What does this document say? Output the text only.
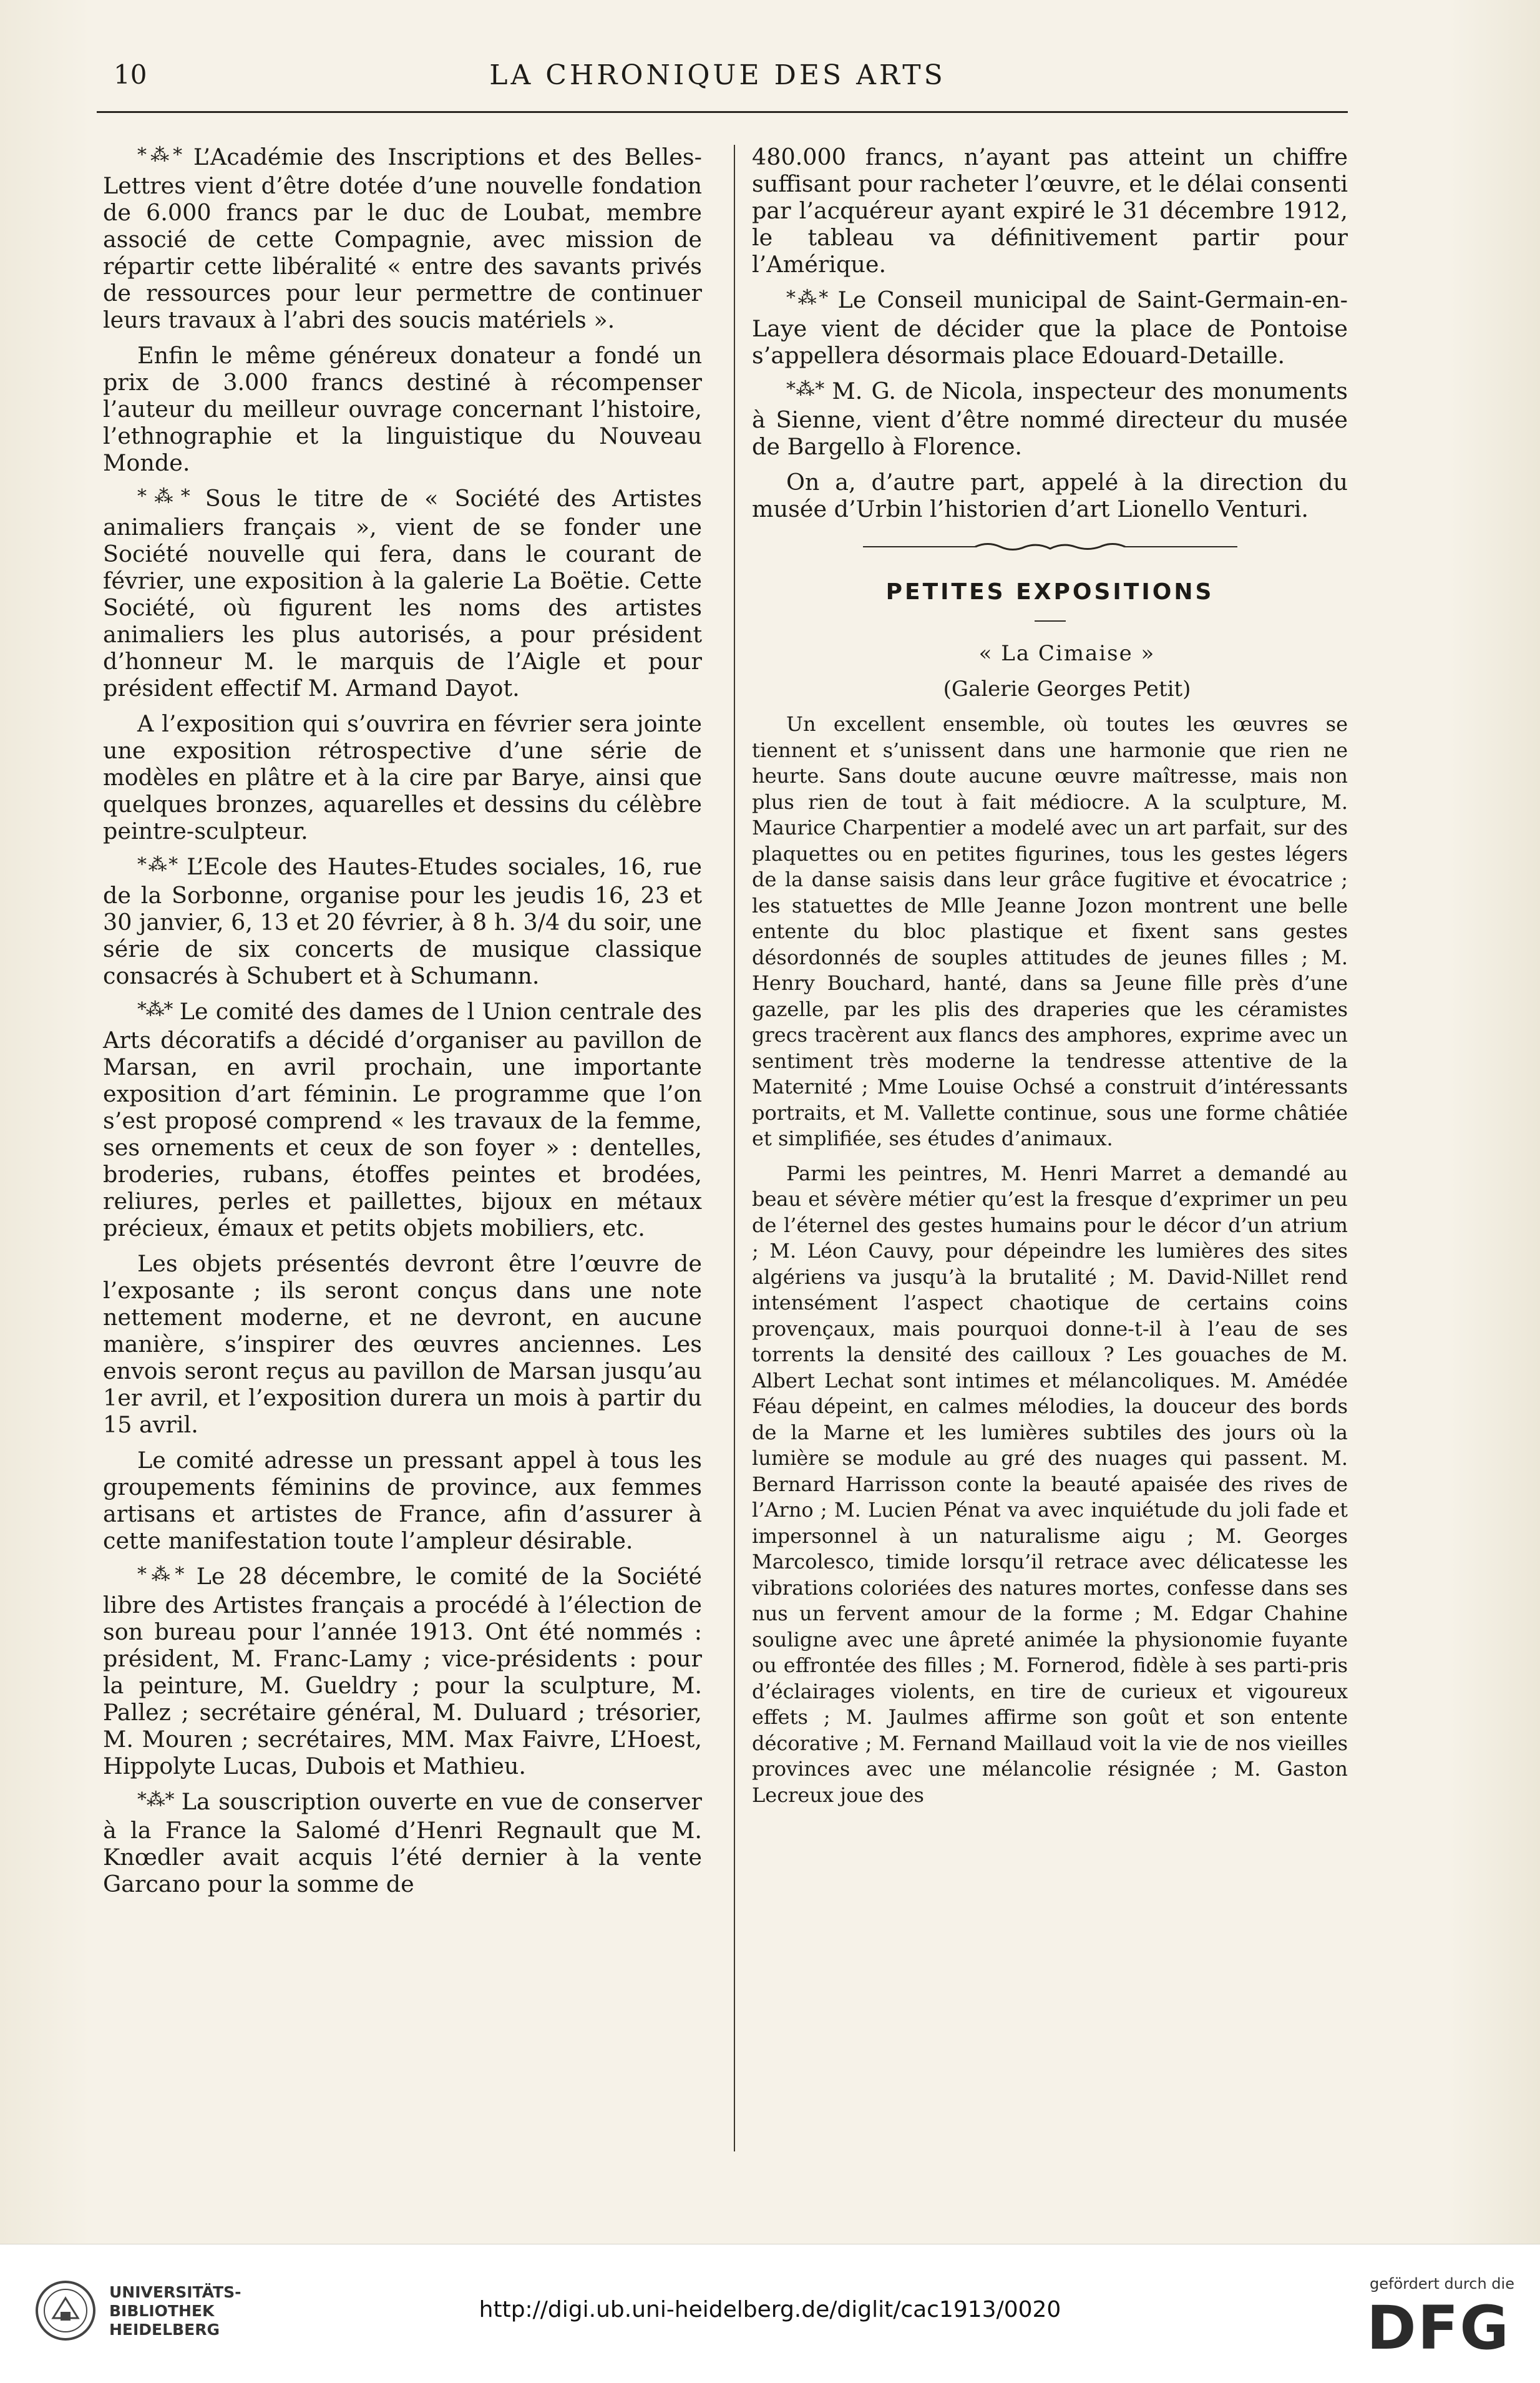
10	LA CHRONIQUE DES ARTS

*⁂* L’Académie des Inscriptions et des Belles-Lettres vient d’être dotée d’une nouvelle fondation de 6.000 francs par le duc de Loubat, membre associé de cette Compagnie, avec mission de répartir cette libéralité « entre des savants privés de ressources pour leur permettre de continuer leurs travaux à l’abri des soucis matériels ».

Enfin le même généreux donateur a fondé un prix de 3.000 francs destiné à récompenser l’auteur du meilleur ouvrage concernant l’histoire, l’ethnographie et la linguistique du Nouveau Monde.

*⁂* Sous le titre de « Société des Artistes animaliers français », vient de se fonder une Société nouvelle qui fera, dans le courant de février, une exposition à la galerie La Boëtie. Cette Société, où figurent les noms des artistes animaliers les plus autorisés, a pour président d’honneur M. le marquis de l’Aigle et pour président effectif M. Armand Dayot.

A l’exposition qui s’ouvrira en février sera jointe une exposition rétrospective d’une série de modèles en plâtre et à la cire par Barye, ainsi que quelques bronzes, aquarelles et dessins du célèbre peintre-sculpteur.

*⁂* L’Ecole des Hautes-Etudes sociales, 16, rue de la Sorbonne, organise pour les jeudis 16, 23 et 30 janvier, 6, 13 et 20 février, à 8 h. 3/4 du soir, une série de six concerts de musique classique consacrés à Schubert et à Schumann.

*⁂* Le comité des dames de l Union centrale des Arts décoratifs a décidé d’organiser au pavillon de Marsan, en avril prochain, une importante exposition d’art féminin. Le programme que l’on s’est proposé comprend « les travaux de la femme, ses ornements et ceux de son foyer » : dentelles, broderies, rubans, étoffes peintes et brodées, reliures, perles et paillettes, bijoux en métaux précieux, émaux et petits objets mobiliers, etc.

Les objets présentés devront être l’œuvre de l’exposante ; ils seront conçus dans une note nettement moderne, et ne devront, en aucune manière, s’inspirer des œuvres anciennes. Les envois seront reçus au pavillon de Marsan jusqu’au 1er avril, et l’exposition durera un mois à partir du 15 avril.

Le comité adresse un pressant appel à tous les groupements féminins de province, aux femmes artisans et artistes de France, afin d’assurer à cette manifestation toute l’ampleur désirable.

*⁂* Le 28 décembre, le comité de la Société libre des Artistes français a procédé à l’élection de son bureau pour l’année 1913. Ont été nommés : président, M. Franc-Lamy ; vice-présidents : pour la peinture, M. Gueldry ; pour la sculpture, M. Pallez ; secrétaire général, M. Duluard ; trésorier, M. Mouren ; secrétaires, MM. Max Faivre, L’Hoest, Hippolyte Lucas, Dubois et Mathieu.

*⁂* La souscription ouverte en vue de conserver à la France la Salomé d’Henri Regnault que M. Knœdler avait acquis l’été dernier à la vente Garcano pour la somme de

480.000 francs, n’ayant pas atteint un chiffre suffisant pour racheter l’œuvre, et le délai consenti par l’acquéreur ayant expiré le 31 décembre 1912, le tableau va définitivement partir pour l’Amérique.

*⁂* Le Conseil municipal de Saint-Germain-en-Laye vient de décider que la place de Pontoise s’appellera désormais place Edouard-Detaille.

*⁂* M. G. de Nicola, inspecteur des monuments à Sienne, vient d’être nommé directeur du musée de Bargello à Florence.

On a, d’autre part, appelé à la direction du musée d’Urbin l’historien d’art Lionello Venturi.

PETITES EXPOSITIONS

« La Cimaise »

(Galerie Georges Petit)

Un excellent ensemble, où toutes les œuvres se tiennent et s’unissent dans une harmonie que rien ne heurte. Sans doute aucune œuvre maîtresse, mais non plus rien de tout à fait médiocre. A la sculpture, M. Maurice Charpentier a modelé avec un art parfait, sur des plaquettes ou en petites figurines, tous les gestes légers de la danse saisis dans leur grâce fugitive et évocatrice ; les statuettes de Mlle Jeanne Jozon montrent une belle entente du bloc plastique et fixent sans gestes désordonnés de souples attitudes de jeunes filles ; M. Henry Bouchard, hanté, dans sa Jeune fille près d’une gazelle, par les plis des draperies que les céramistes grecs tracèrent aux flancs des amphores, exprime avec un sentiment très moderne la tendresse attentive de la Maternité ; Mme Louise Ochsé a construit d’intéressants portraits, et M. Vallette continue, sous une forme châtiée et simplifiée, ses études d’animaux.

Parmi les peintres, M. Henri Marret a demandé au beau et sévère métier qu’est la fresque d’exprimer un peu de l’éternel des gestes humains pour le décor d’un atrium ; M. Léon Cauvy, pour dépeindre les lumières des sites algériens va jusqu’à la brutalité ; M. David-Nillet rend intensément l’aspect chaotique de certains coins provençaux, mais pourquoi donne-t-il à l’eau de ses torrents la densité des cailloux ? Les gouaches de M. Albert Lechat sont intimes et mélancoliques. M. Amédée Féau dépeint, en calmes mélodies, la douceur des bords de la Marne et les lumières subtiles des jours où la lumière se module au gré des nuages qui passent. M. Bernard Harrisson conte la beauté apaisée des rives de l’Arno ; M. Lucien Pénat va avec inquiétude du joli fade et impersonnel à un naturalisme aigu ; M. Georges Marcolesco, timide lorsqu’il retrace avec délicatesse les vibrations coloriées des natures mortes, confesse dans ses nus un fervent amour de la forme ; M. Edgar Chahine souligne avec une âpreté animée la physionomie fuyante ou effrontée des filles ; M. Fornerod, fidèle à ses parti-pris d’éclairages violents, en tire de curieux et vigoureux effets ; M. Jaulmes affirme son goût et son entente décorative ; M. Fernand Maillaud voit la vie de nos vieilles provinces avec une mélancolie résignée ; M. Gaston Lecreux joue des

UNIVERSITÄTS-
BIBLIOTHEK
HEIDELBERG
http://digi.ub.uni-heidelberg.de/diglit/cac1913/0020
gefördert durch die
DFG
